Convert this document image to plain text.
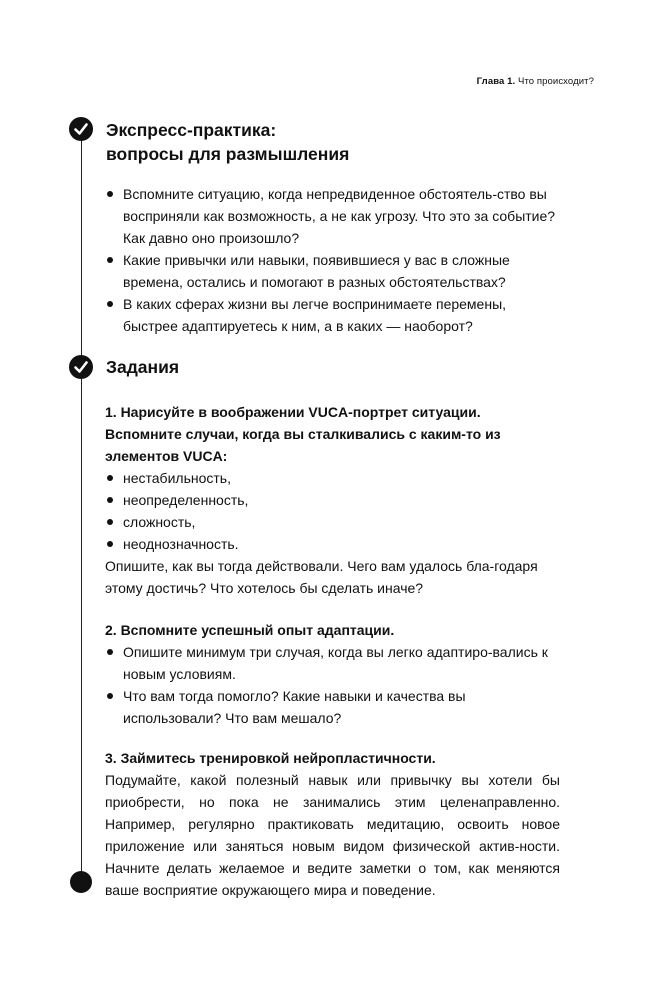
Глава 1. Что происходит?
Экспресс-практика:
вопросы для размышления
Вспомните ситуацию, когда непредвиденное обстоятель-ство вы восприняли как возможность, а не как угрозу. Что это за событие? Как давно оно произошло?
Какие привычки или навыки, появившиеся у вас в сложные времена, остались и помогают в разных обстоятельствах?
В каких сферах жизни вы легче воспринимаете перемены, быстрее адаптируетесь к ним, а в каких — наоборот?
Задания
1. Нарисуйте в воображении VUCA-портрет ситуации. Вспомните случаи, когда вы сталкивались с каким-то из элементов VUCA:
нестабильность,
неопределенность,
сложность,
неоднозначность.
Опишите, как вы тогда действовали. Чего вам удалось бла-годаря этому достичь? Что хотелось бы сделать иначе?
2. Вспомните успешный опыт адаптации.
Опишите минимум три случая, когда вы легко адаптиро-вались к новым условиям.
Что вам тогда помогло? Какие навыки и качества вы использовали? Что вам мешало?
3. Займитесь тренировкой нейропластичности.
Подумайте, какой полезный навык или привычку вы хотели бы приобрести, но пока не занимались этим целенаправленно. Например, регулярно практиковать медитацию, освоить новое приложение или заняться новым видом физической актив-ности. Начните делать желаемое и ведите заметки о том, как меняются ваше восприятие окружающего мира и поведение.
